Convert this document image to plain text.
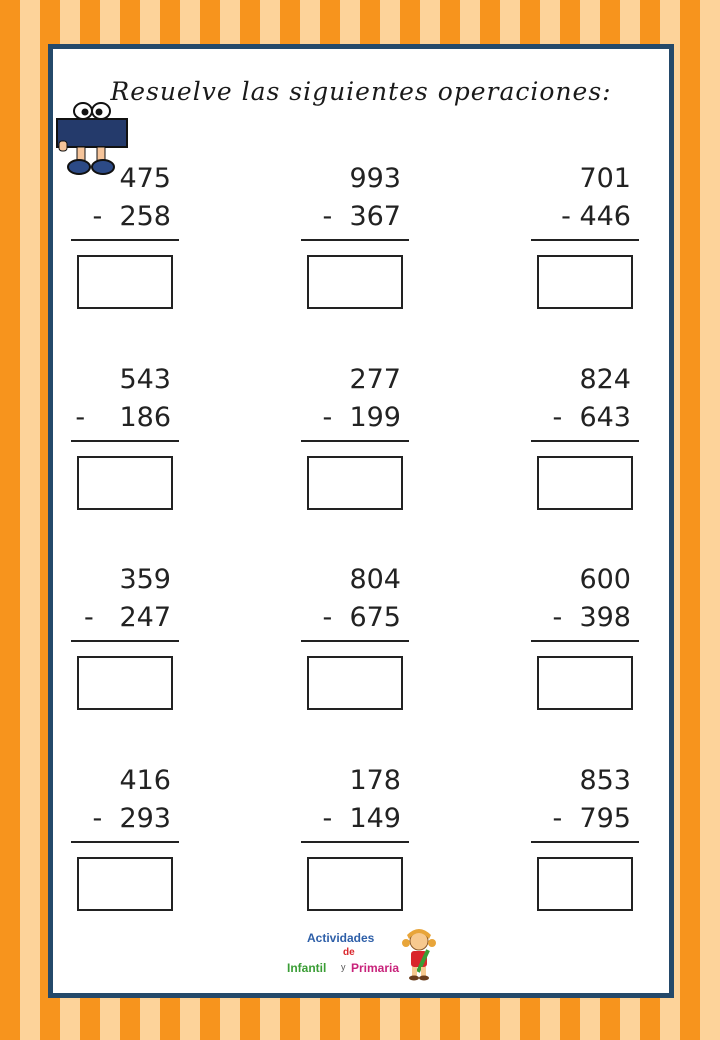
Resuelve las siguientes operaciones:
475
-  258
993
-  367
701
- 446
543
-    186
277
-  199
824
-  643
359
-   247
804
-  675
600
-  398
416
-  293
178
-  149
853
-  795
Actividades
de
Infantil y Primaria
